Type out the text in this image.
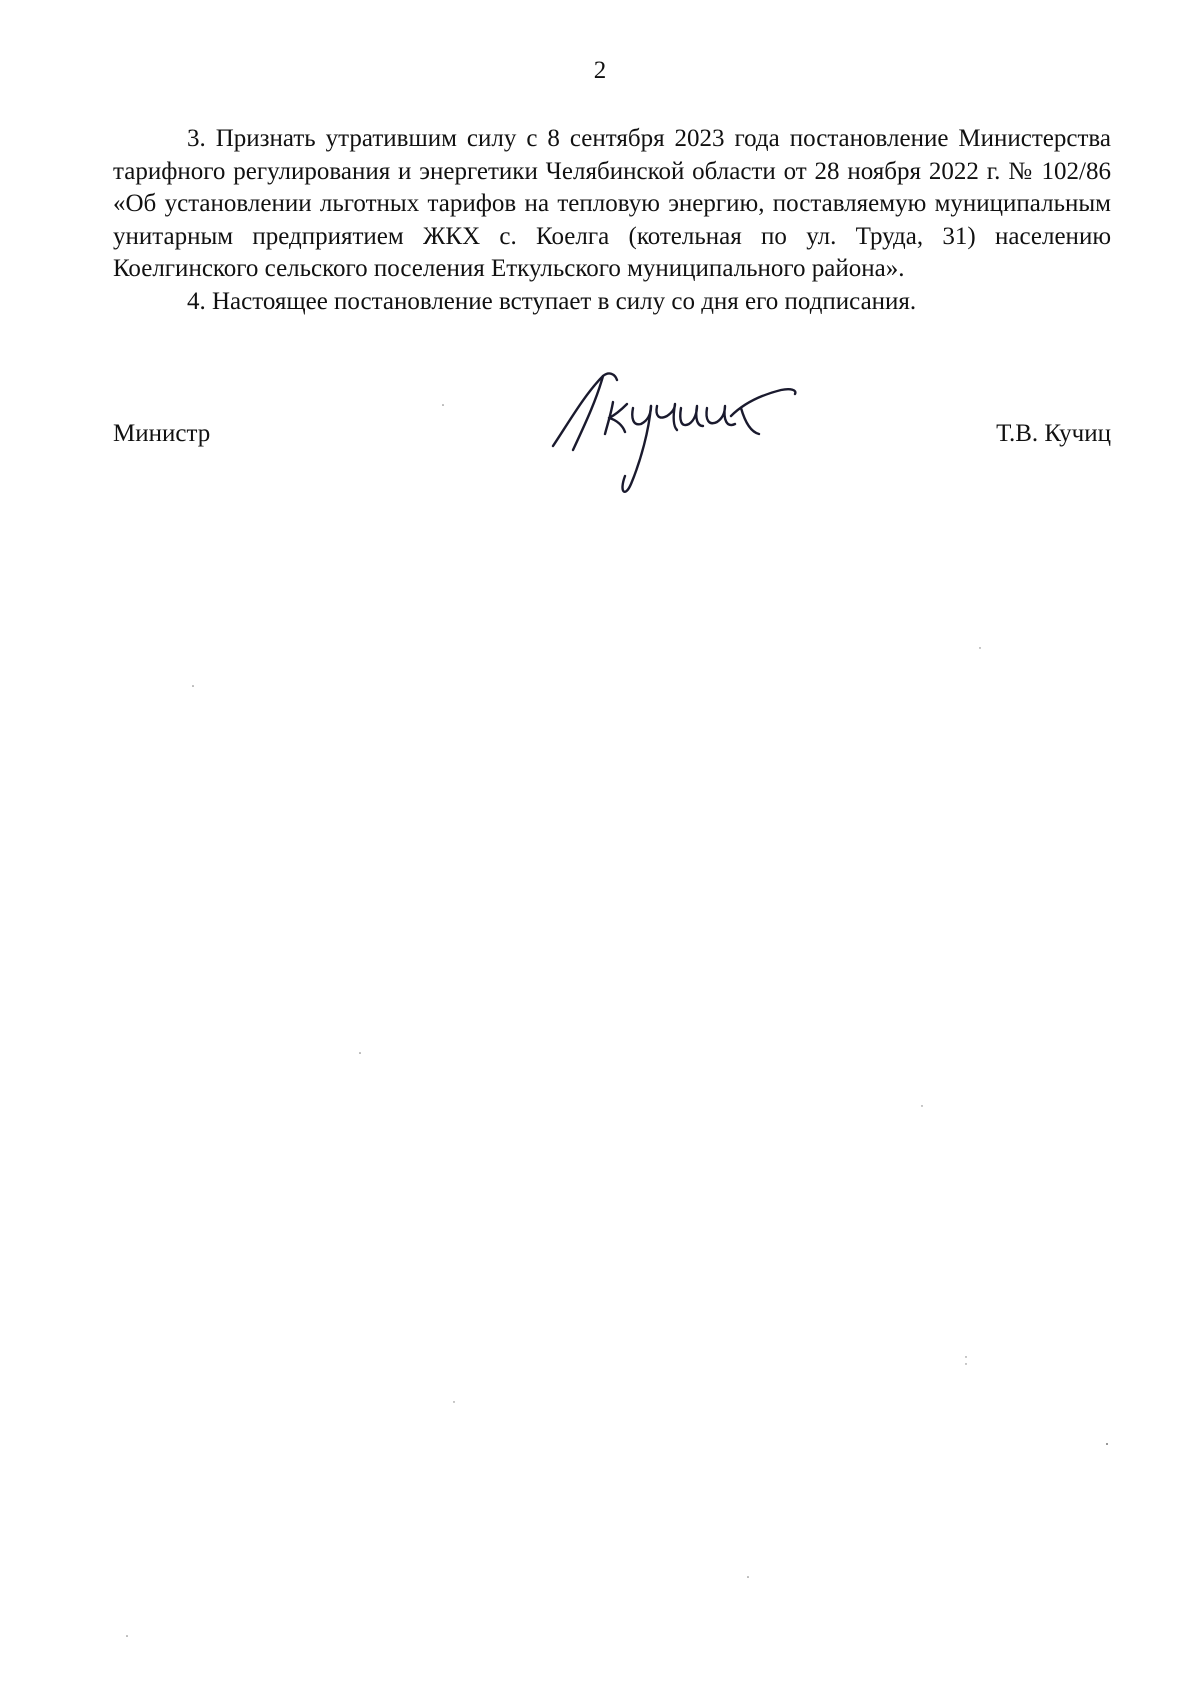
2

3. Признать утратившим силу с 8 сентября 2023 года постановление Министерства тарифного регулирования и энергетики Челябинской области от 28 ноября 2022 г. № 102/86 «Об установлении льготных тарифов на тепловую энергию, поставляемую муниципальным унитарным предприятием ЖКХ с. Коелга (котельная по ул. Труда, 31) населению Коелгинского сельского поселения Еткульского муниципального района».

4. Настоящее постановление вступает в силу со дня его подписания.

Министр	Т.В. Кучиц
